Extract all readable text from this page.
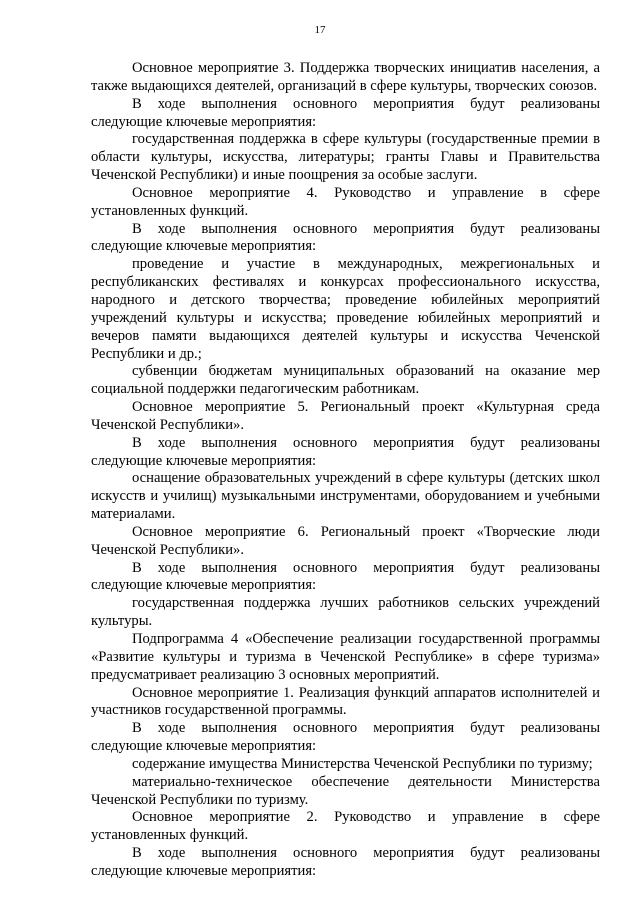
17

Основное мероприятие 3. Поддержка творческих инициатив населения, а также выдающихся деятелей, организаций в сфере культуры, творческих союзов.

В ходе выполнения основного мероприятия будут реализованы следующие ключевые мероприятия:

государственная поддержка в сфере культуры (государственные премии в области культуры, искусства, литературы; гранты Главы и Правительства Чеченской Республики) и иные поощрения за особые заслуги.

Основное мероприятие 4. Руководство и управление в сфере установленных функций.

В ходе выполнения основного мероприятия будут реализованы следующие ключевые мероприятия:

проведение и участие в международных, межрегиональных и республиканских фестивалях и конкурсах профессионального искусства, народного и детского творчества; проведение юбилейных мероприятий учреждений культуры и искусства; проведение юбилейных мероприятий и вечеров памяти выдающихся деятелей культуры и искусства Чеченской Республики и др.;

субвенции бюджетам муниципальных образований на оказание мер социальной поддержки педагогическим работникам.

Основное мероприятие 5. Региональный проект «Культурная среда Чеченской Республики».

В ходе выполнения основного мероприятия будут реализованы следующие ключевые мероприятия:

оснащение образовательных учреждений в сфере культуры (детских школ искусств и училищ) музыкальными инструментами, оборудованием и учебными материалами.

Основное мероприятие 6. Региональный проект «Творческие люди Чеченской Республики».

В ходе выполнения основного мероприятия будут реализованы следующие ключевые мероприятия:

государственная поддержка лучших работников сельских учреждений культуры.

Подпрограмма 4 «Обеспечение реализации государственной программы «Развитие культуры и туризма в Чеченской Республике» в сфере туризма» предусматривает реализацию 3 основных мероприятий.

Основное мероприятие 1. Реализация функций аппаратов исполнителей и участников государственной программы.

В ходе выполнения основного мероприятия будут реализованы следующие ключевые мероприятия:

содержание имущества Министерства Чеченской Республики по туризму;

материально-техническое обеспечение деятельности Министерства Чеченской Республики по туризму.

Основное мероприятие 2. Руководство и управление в сфере установленных функций.

В ходе выполнения основного мероприятия будут реализованы следующие ключевые мероприятия:
